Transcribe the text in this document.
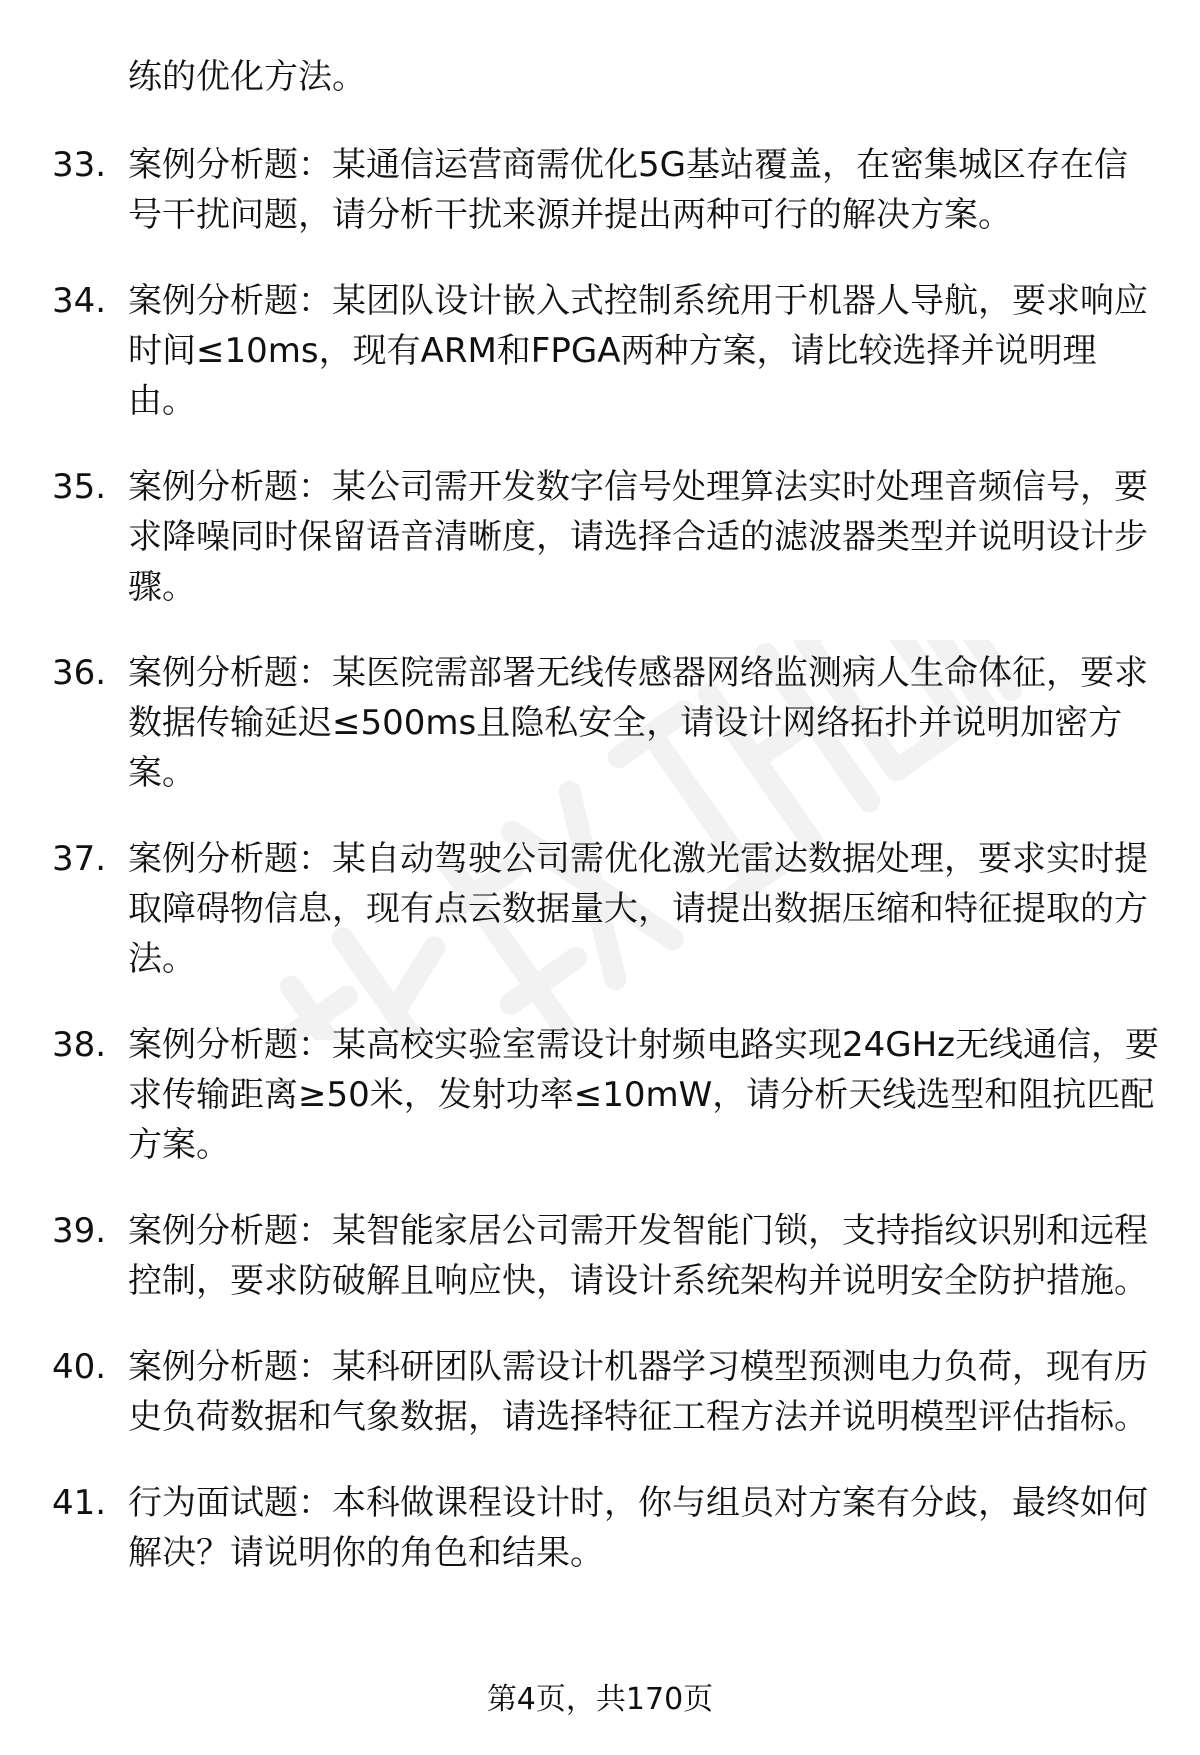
练的优化方法。

33. 案例分析题：某通信运营商需优化5G基站覆盖，在密集城区存在信号干扰问题，请分析干扰来源并提出两种可行的解决方案。
34. 案例分析题：某团队设计嵌入式控制系统用于机器人导航，要求响应时间≤10ms，现有ARM和FPGA两种方案，请比较选择并说明理由。
35. 案例分析题：某公司需开发数字信号处理算法实时处理音频信号，要求降噪同时保留语音清晰度，请选择合适的滤波器类型并说明设计步骤。
36. 案例分析题：某医院需部署无线传感器网络监测病人生命体征，要求数据传输延迟≤500ms且隐私安全，请设计网络拓扑并说明加密方案。
37. 案例分析题：某自动驾驶公司需优化激光雷达数据处理，要求实时提取障碍物信息，现有点云数据量大，请提出数据压缩和特征提取的方法。
38. 案例分析题：某高校实验室需设计射频电路实现24GHz无线通信，要求传输距离≥50米，发射功率≤10mW，请分析天线选型和阻抗匹配方案。
39. 案例分析题：某智能家居公司需开发智能门锁，支持指纹识别和远程控制，要求防破解且响应快，请设计系统架构并说明安全防护措施。
40. 案例分析题：某科研团队需设计机器学习模型预测电力负荷，现有历史负荷数据和气象数据，请选择特征工程方法并说明模型评估指标。
41. 行为面试题：本科做课程设计时，你与组员对方案有分歧，最终如何解决？请说明你的角色和结果。
第4页，共170页
